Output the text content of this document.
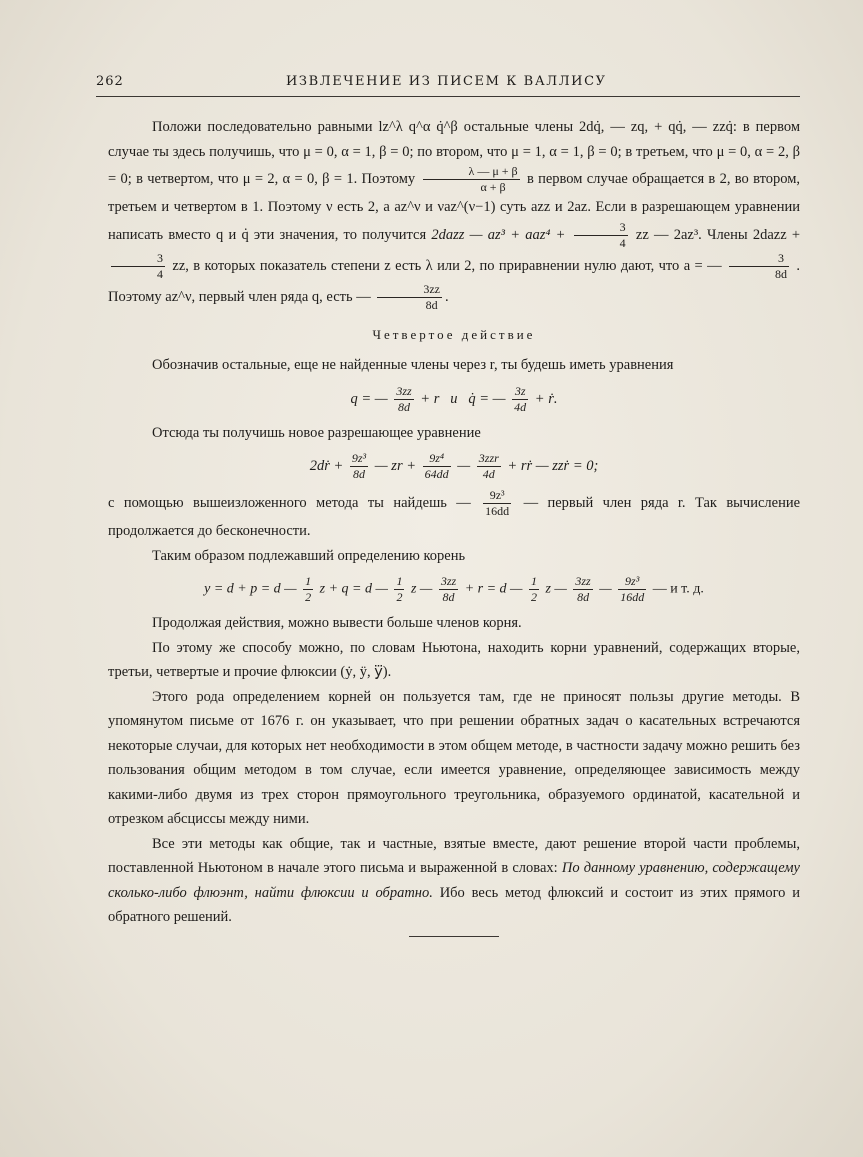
262	ИЗВЛЕЧЕНИЕ ИЗ ПИСЕМ К ВАЛЛИСУ

Положи последовательно равными lz^λ q^α q̇^β остальные члены 2dq̇, — zq, + qq̇, — zzq̇: в первом случае ты здесь получишь, что μ = 0, α = 1, β = 0; по втором, что μ = 1, α = 1, β = 0; в третьем, что μ = 0, α = 2, β = 0; в четвертом, что μ = 2, α = 0, β = 1. Поэтому $\frac{\lambda — \mu + \beta}{\alpha + \beta}$ в первом случае обращается в 2, во втором, третьем и четвертом в 1. Поэтому ν есть 2, а az^ν и νaz^(ν−1) суть azz и 2az. Если в разрешающем уравнении написать вместо q и q̇ эти значения, то получится 2dazz — $az^3 + aaz^4 + \frac{3}{4}$ zz — 2az³. Члены 2dazz +
$\frac{3}{4}$ zz, в которых показатель степени z есть λ или 2, по приравнении нулю дают, что a = — $\frac{3}{8d}$ . Поэтому az^ν, первый член ряда q, есть — $\frac{3zz}{8d}$ .

Четвертое действие

Обозначив остальные, еще не найденные члены через r, ты будешь иметь уравнения

q = — $\frac{3zz}{8d} + r$   и   q̇ = — $\frac{3z}{4d}$ + ṙ.

Отсюда ты получишь новое разрешающее уравнение

2dṙ + $\frac{\text{9z³}}{8d}$ — zr + $\frac{\text{9z⁴}}{64dd}$ — $\frac{\text{3zzr}}{4d}$ + rṙ — zzṙ = 0;

с помощью вышеизложенного метода ты найдешь — $\frac{\text{9z³}}{16dd}$ — первый член ряда r. Так вычисление продолжается до бесконечности.

Таким образом подлежавший определению корень

y = d + p = d — $\frac{1}{2}$ z + q = d — $\frac{1}{2}$ z — $\frac{3zz}{8d} + r = d$ — $\frac{1}{2}$ z — $\frac{3zz}{8d}$ — $\frac{\text{9z³}}{16dd}$ — и т. д.

Продолжая действия, можно вывести больше членов корня.

По этому же способу можно, по словам Ньютона, находить корни уравнений, содержащих вторые, третьи, четвертые и прочие флюксии (ẏ, ÿ, y⃛).

Этого рода определением корней он пользуется там, где не приносят пользы другие методы. В упомянутом письме от 1676 г. он указывает, что при решении обратных задач о касательных встречаются некоторые случаи, для которых нет необходимости в этом общем методе, в частности задачу можно решить без пользования общим методом в том случае, если имеется уравнение, определяющее зависимость между какими-либо двумя из трех сторон прямоугольного треугольника, образуемого ординатой, касательной и отрезком абсциссы между ними.

Все эти методы как общие, так и частные, взятые вместе, дают решение второй части проблемы, поставленной Ньютоном в начале этого письма и выраженной в словах: По данному уравнению, содержащему сколько-либо флюэнт, найти флюксии и обратно. Ибо весь метод флюксий и состоит из этих прямого и обратного решений.
